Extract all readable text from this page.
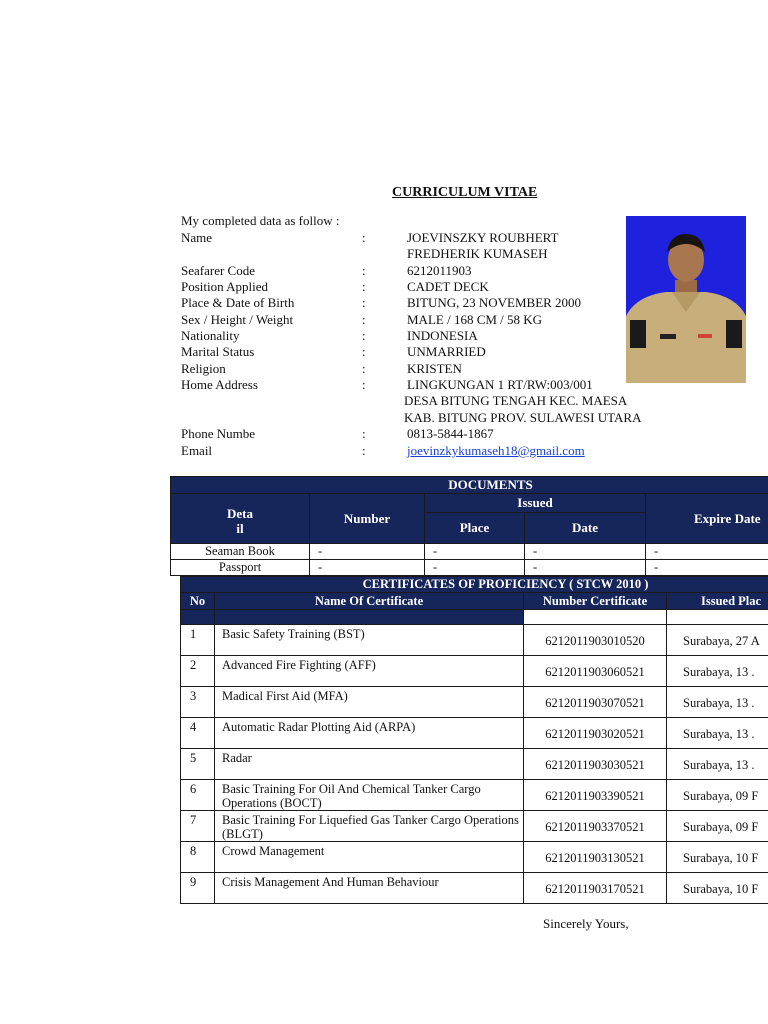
CURRICULUM VITAE
My completed data as follow :
Name	:	JOEVINSZKY ROUBHERT
FREDHERIK KUMASEH
Seafarer Code	:	6212011903
Position Applied	:	CADET DECK
Place & Date of Birth	:	BITUNG, 23 NOVEMBER 2000
Sex / Height / Weight	:	MALE / 168 CM / 58 KG
Nationality	:	INDONESIA
Marital Status	:	UNMARRIED
Religion	:	KRISTEN
Home Address	:	LINGKUNGAN 1 RT/RW:003/001
DESA BITUNG TENGAH KEC. MAESA
KAB. BITUNG PROV. SULAWESI UTARA
Phone Numbe	:	0813-5844-1867
Email	:	joevinzkykumaseh18@gmail.com
DOCUMENTS				
Deta
il	Number	Issued		Expire Date
		Place	Date	
Seaman Book	-	-	-	-
Passport	-	-	-	-
CERTIFICATES OF PROFICIENCY ( STCW 2010 )			
No	Name Of Certificate	Number Certificate	Issued Plac

1	Basic Safety Training (BST)	6212011903010520	Surabaya, 27 A
2	Advanced Fire Fighting (AFF)	6212011903060521	Surabaya, 13 .
3	Madical First Aid (MFA)	6212011903070521	Surabaya, 13 .
4	Automatic Radar Plotting Aid (ARPA)	6212011903020521	Surabaya, 13 .
5	Radar	6212011903030521	Surabaya, 13 .
6	Basic Training For Oil And Chemical Tanker Cargo Operations (BOCT)	6212011903390521	Surabaya, 09 F
7	Basic Training For Liquefied Gas Tanker Cargo Operations (BLGT)	6212011903370521	Surabaya, 09 F
8	Crowd Management	6212011903130521	Surabaya, 10 F
9	Crisis Management And Human Behaviour	6212011903170521	Surabaya, 10 F
Sincerely Yours,
